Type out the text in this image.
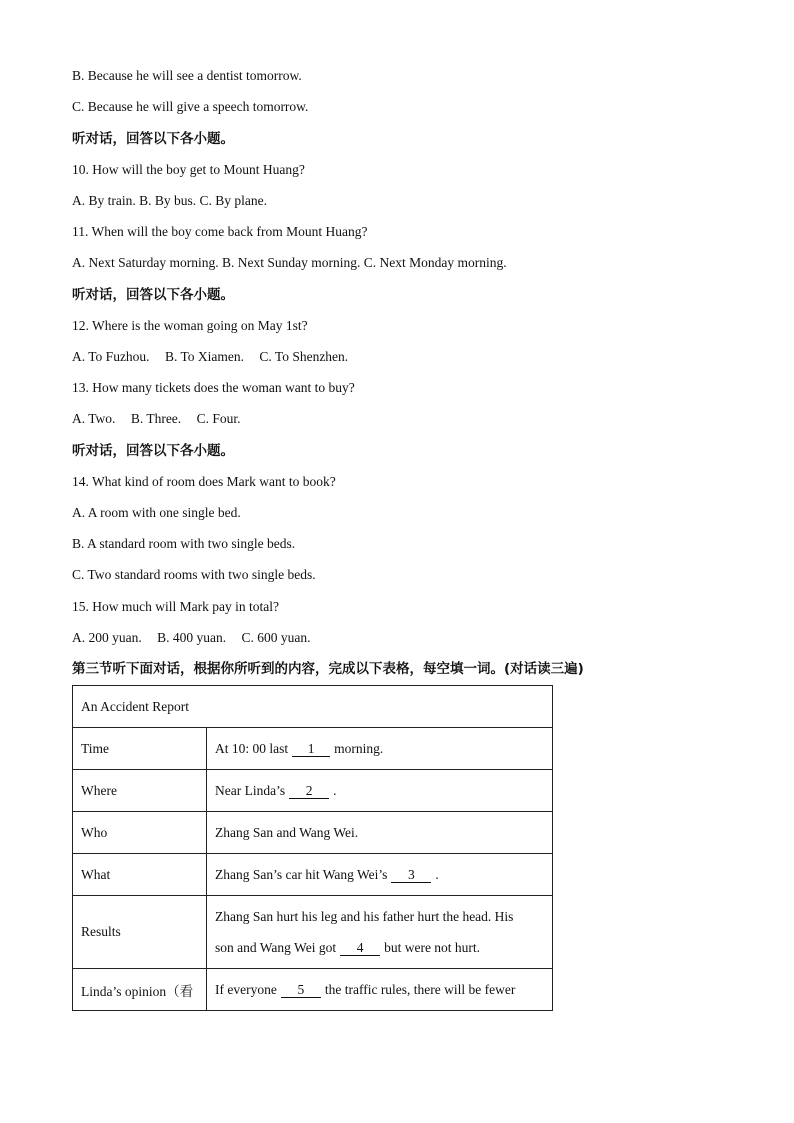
B. Because he will see a dentist tomorrow.
C. Because he will give a speech tomorrow.
听对话，回答以下各小题。
10. How will the boy get to Mount Huang?
A. By train. B. By bus. C. By plane.
11. When will the boy come back from Mount Huang?
A. Next Saturday morning. B. Next Sunday morning. C. Next Monday morning.
听对话，回答以下各小题。
12. Where is the woman going on May 1st?
A. To Fuzhou. B. To Xiamen. C. To Shenzhen.
13. How many tickets does the woman want to buy?
A. Two. B. Three. C. Four.
听对话，回答以下各小题。
14. What kind of room does Mark want to book?
A. A room with one single bed.
B. A standard room with two single beds.
C. Two standard rooms with two single beds.
15. How much will Mark pay in total?
A. 200 yuan. B. 400 yuan. C. 600 yuan.
第三节听下面对话，根据你所听到的内容，完成以下表格，每空填一词。(对话读三遍)
An Accident Report	
Time	At 10: 00 last 1 morning.
Where	Near Linda’s 2 .
Who	Zhang San and Wang Wei.
What	Zhang San’s car hit Wang Wei’s 3 .
Results	Zhang San hurt his leg and his father hurt the head. His
son and Wang Wei got 4 but were not hurt.

Linda’s opinion（看	If everyone 5 the traffic rules, there will be fewer
